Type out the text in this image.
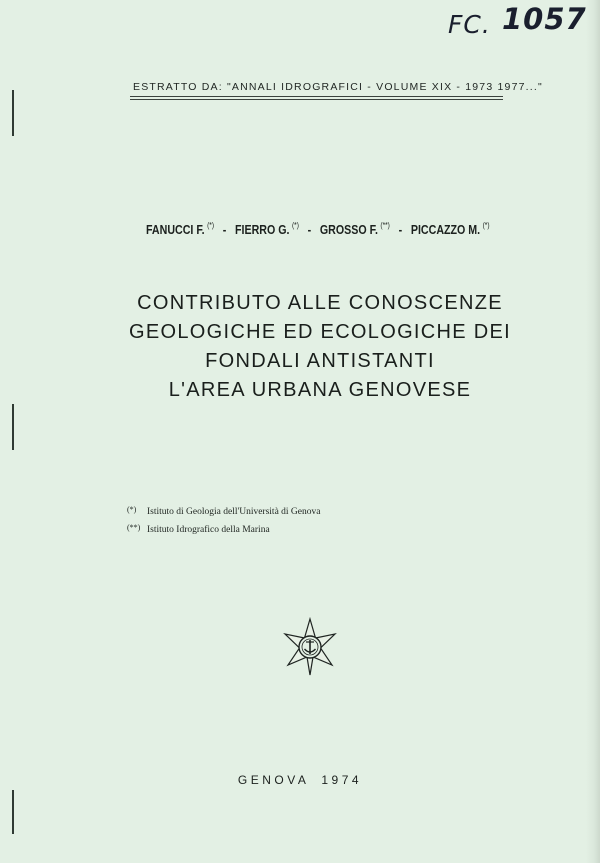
FC. 1057
ESTRATTO DA: "ANNALI IDROGRAFICI - VOLUME XIX - 1973 1977..."
FANUCCI F. (*) - FIERRO G. (*) - GROSSO F. (**) - PICCAZZO M. (*)
CONTRIBUTO ALLE CONOSCENZE
GEOLOGICHE ED ECOLOGICHE DEI
FONDALI ANTISTANTI
L'AREA URBANA GENOVESE
(*) Istituto di Geologia dell'Università di Genova
(**) Istituto Idrografico della Marina
GENOVA 1974
